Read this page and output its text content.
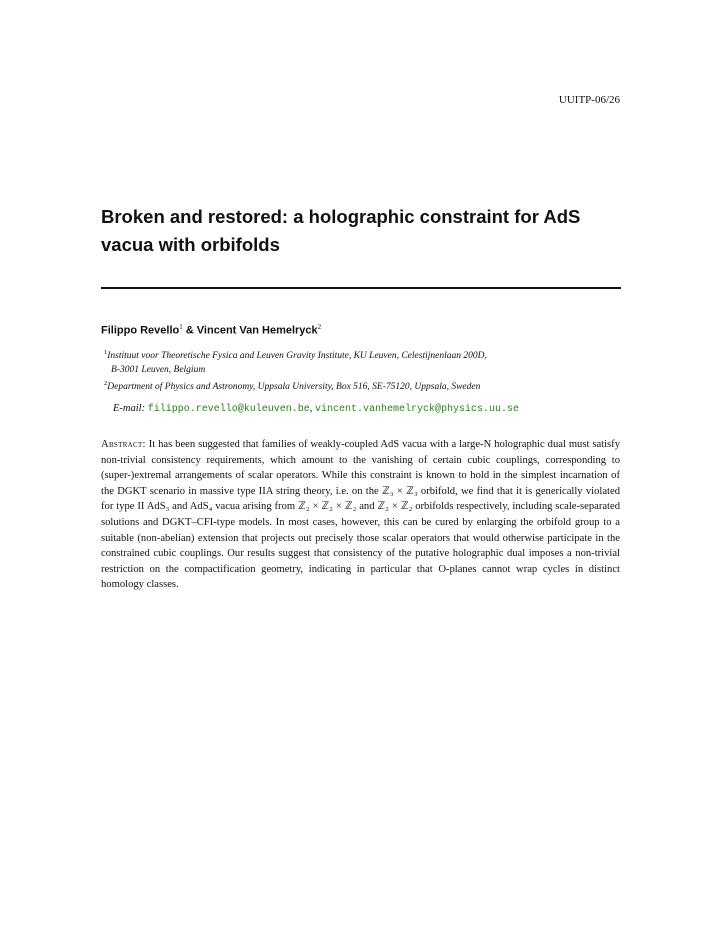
UUITP-06/26
Broken and restored: a holographic constraint for AdS vacua with orbifolds
Filippo Revello$^1$ & Vincent Van Hemelryck$^2$
$^1$Instituut voor Theoretische Fysica and Leuven Gravity Institute, KU Leuven, Celestijnenlaan 200D,
B-3001 Leuven, Belgium
$^2$Department of Physics and Astronomy, Uppsala University, Box 516, SE-75120, Uppsala, Sweden
E-mail: filippo.revello@kuleuven.be, vincent.vanhemelryck@physics.uu.se
Abstract: It has been suggested that families of weakly-coupled AdS vacua with a large-N holographic dual must satisfy non-trivial consistency requirements, which amount to the vanishing of certain cubic couplings, corresponding to (super-)extremal arrangements of scalar operators. While this constraint is known to hold in the simplest incarnation of the DGKT scenario in massive type IIA string theory, i.e. on the ℤ₃ × ℤ₃ orbifold, we find that it is generically violated for type II AdS₃ and AdS₄ vacua arising from ℤ₂ × ℤ₂ × ℤ₂ and ℤ₂ × ℤ₂ orbifolds respectively, including scale-separated solutions and DGKT–CFI-type models. In most cases, however, this can be cured by enlarging the orbifold group to a suitable (non-abelian) extension that projects out precisely those scalar operators that would otherwise participate in the constrained cubic couplings. Our results suggest that consistency of the putative holographic dual imposes a non-trivial restriction on the compactification geometry, indicating in particular that O-planes cannot wrap cycles in distinct homology classes.
